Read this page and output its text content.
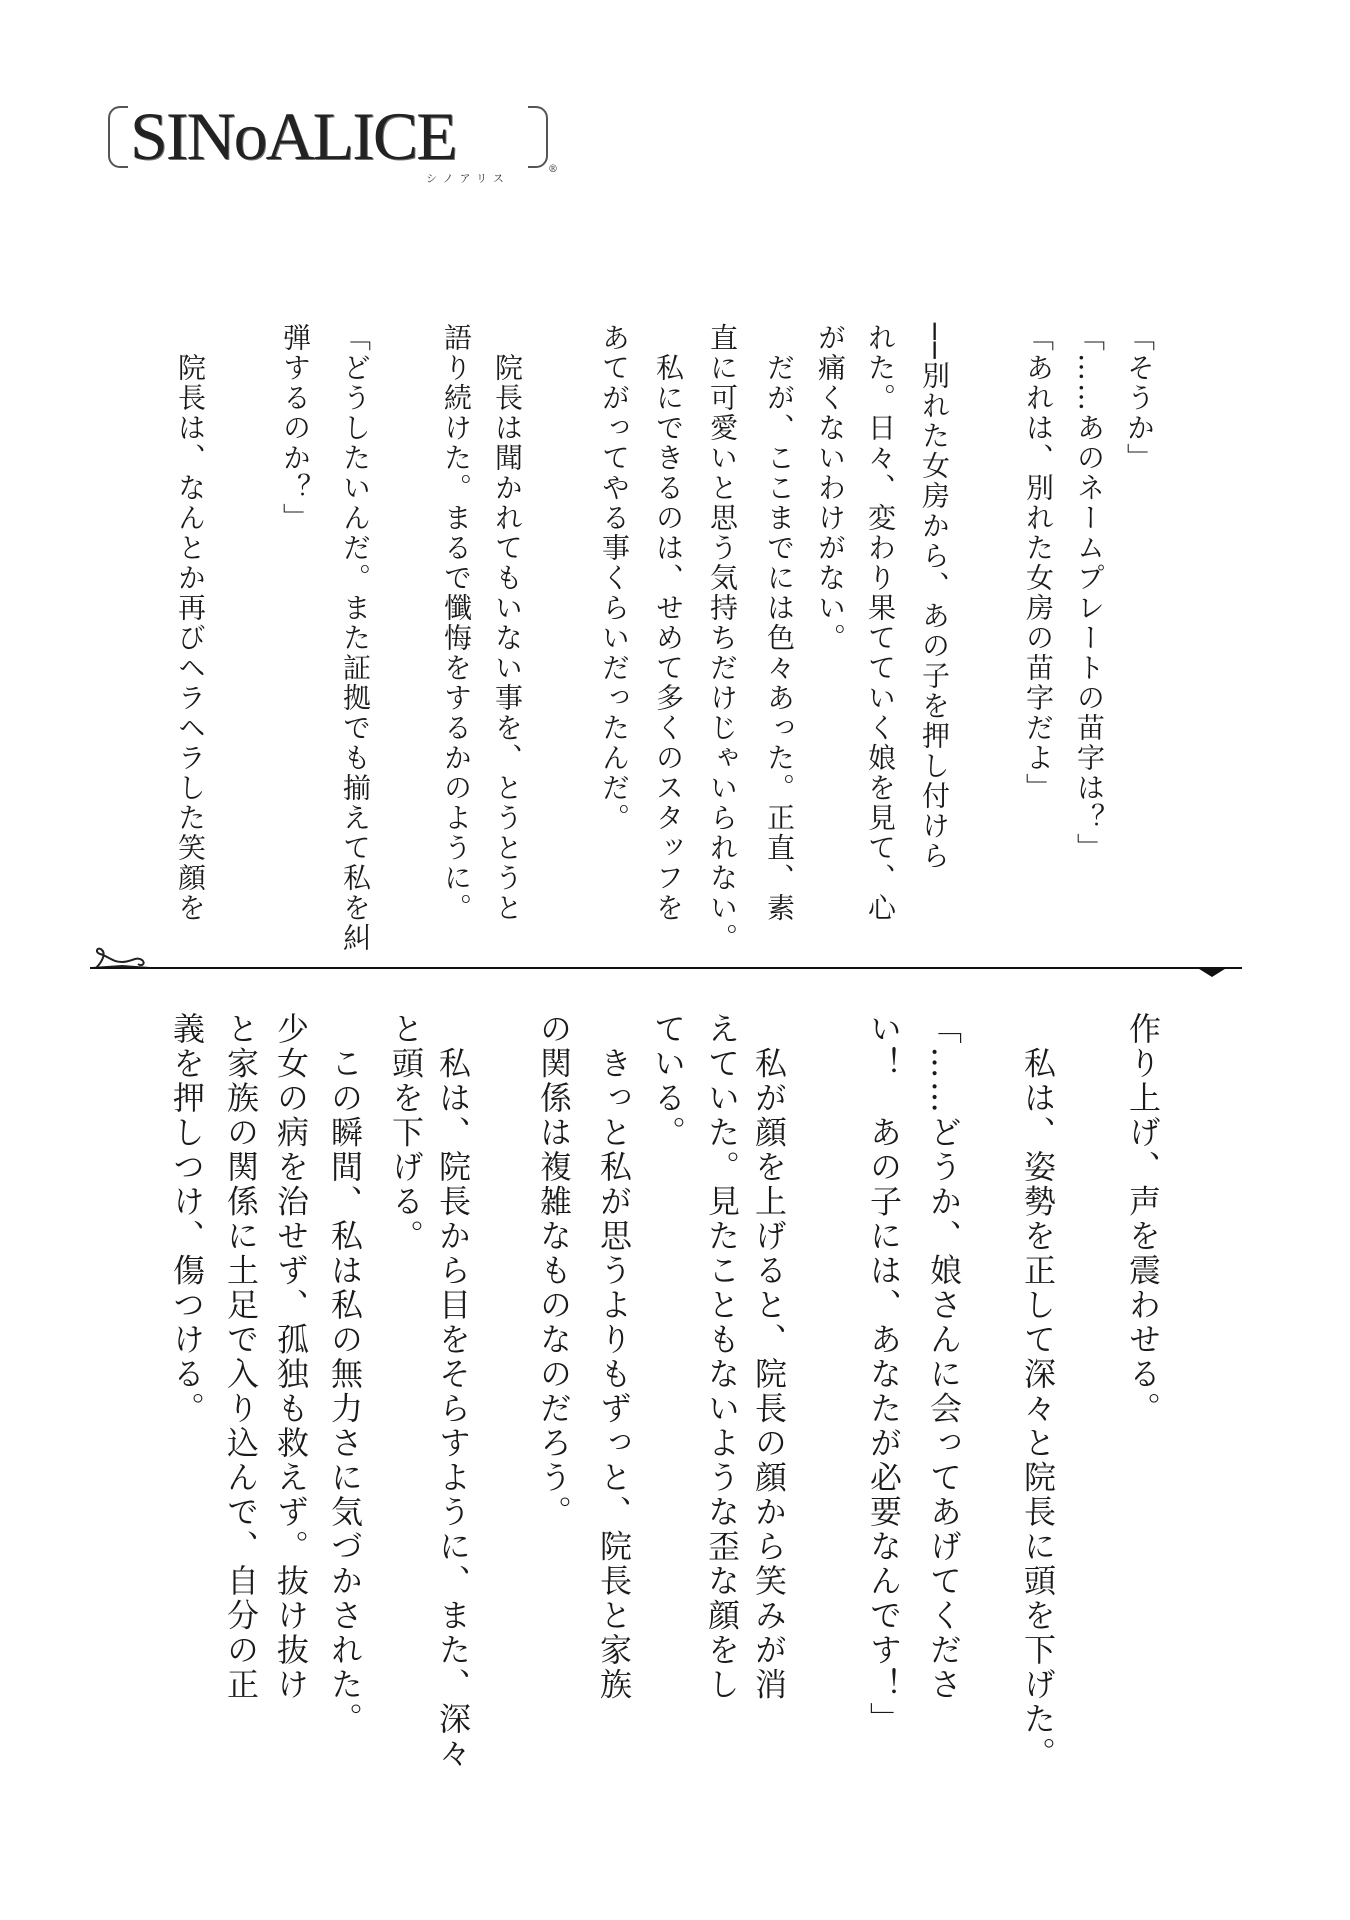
SINoALICE	®
シノアリス
「そうか」
「……あのネームプレートの苗字は？」
「あれは、別れた女房の苗字だよ」
──別れた女房から、あの子を押し付けら
れた。日々、変わり果てていく娘を見て、心
が痛くないわけがない。
　だが、ここまでには色々あった。正直、素
直に可愛いと思う気持ちだけじゃいられない。
　私にできるのは、せめて多くのスタッフを
あてがってやる事くらいだったんだ。
　院長は聞かれてもいない事を、とうとうと
語り続けた。まるで懺悔をするかのように。
「どうしたいんだ。また証拠でも揃えて私を糾
弾するのか？」
　院長は、なんとか再びヘラヘラした笑顔を
作り上げ、声を震わせる。
　私は、姿勢を正して深々と院長に頭を下げた。
「……どうか、娘さんに会ってあげてくださ
い！　あの子には、あなたが必要なんです！」
　私が顔を上げると、院長の顔から笑みが消
えていた。見たこともないような歪な顔をし
ている。
　きっと私が思うよりもずっと、院長と家族
の関係は複雑なものなのだろう。
　私は、院長から目をそらすように、また、深々
と頭を下げる。
　この瞬間、私は私の無力さに気づかされた。
少女の病を治せず、孤独も救えず。抜け抜け
と家族の関係に土足で入り込んで、自分の正
義を押しつけ、傷つける。
